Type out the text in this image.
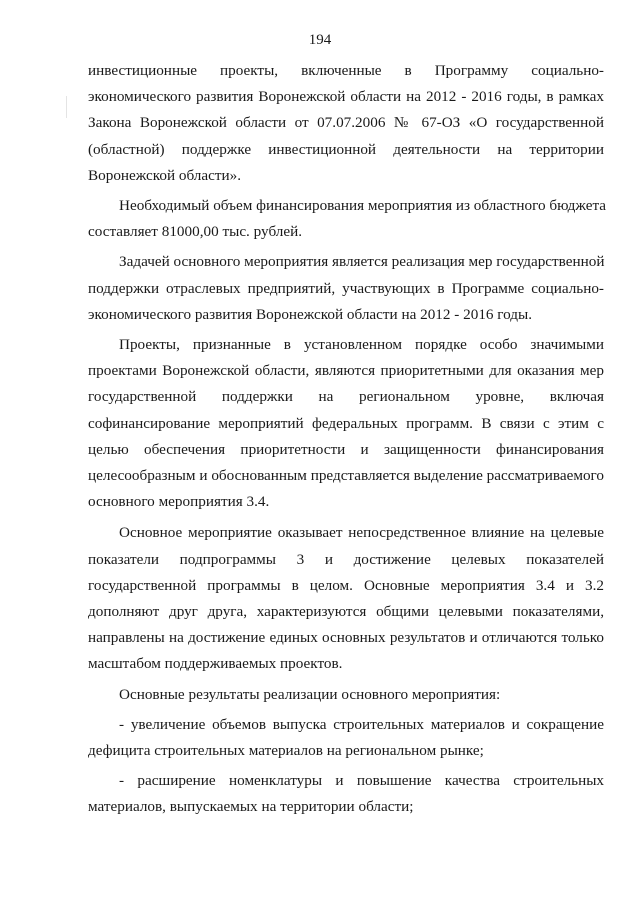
194
инвестиционные проекты, включенные в Программу социально-
экономического развития Воронежской области на 2012 - 2016 годы, в рамках
Закона Воронежской области от 07.07.2006 № 67-ОЗ «О государственной
(областной) поддержке инвестиционной деятельности на территории
Воронежской области».
Необходимый объем финансирования мероприятия из областного бюджета
составляет 81000,00 тыс. рублей.
Задачей основного мероприятия является реализация мер государственной
поддержки отраслевых предприятий, участвующих в Программе социально-
экономического развития Воронежской области на 2012 - 2016 годы.
Проекты, признанные в установленном порядке особо значимыми
проектами Воронежской области, являются приоритетными для оказания мер
государственной поддержки на региональном уровне, включая
софинансирование мероприятий федеральных программ. В связи с этим с
целью обеспечения приоритетности и защищенности финансирования
целесообразным и обоснованным представляется выделение рассматриваемого
основного мероприятия 3.4.
Основное мероприятие оказывает непосредственное влияние на целевые
показатели подпрограммы 3 и достижение целевых показателей
государственной программы в целом. Основные мероприятия 3.4 и 3.2
дополняют друг друга, характеризуются общими целевыми показателями,
направлены на достижение единых основных результатов и отличаются только
масштабом поддерживаемых проектов.
Основные результаты реализации основного мероприятия:
- увеличение объемов выпуска строительных материалов и сокращение
дефицита строительных материалов на региональном рынке;
- расширение номенклатуры и повышение качества строительных
материалов, выпускаемых на территории области;
